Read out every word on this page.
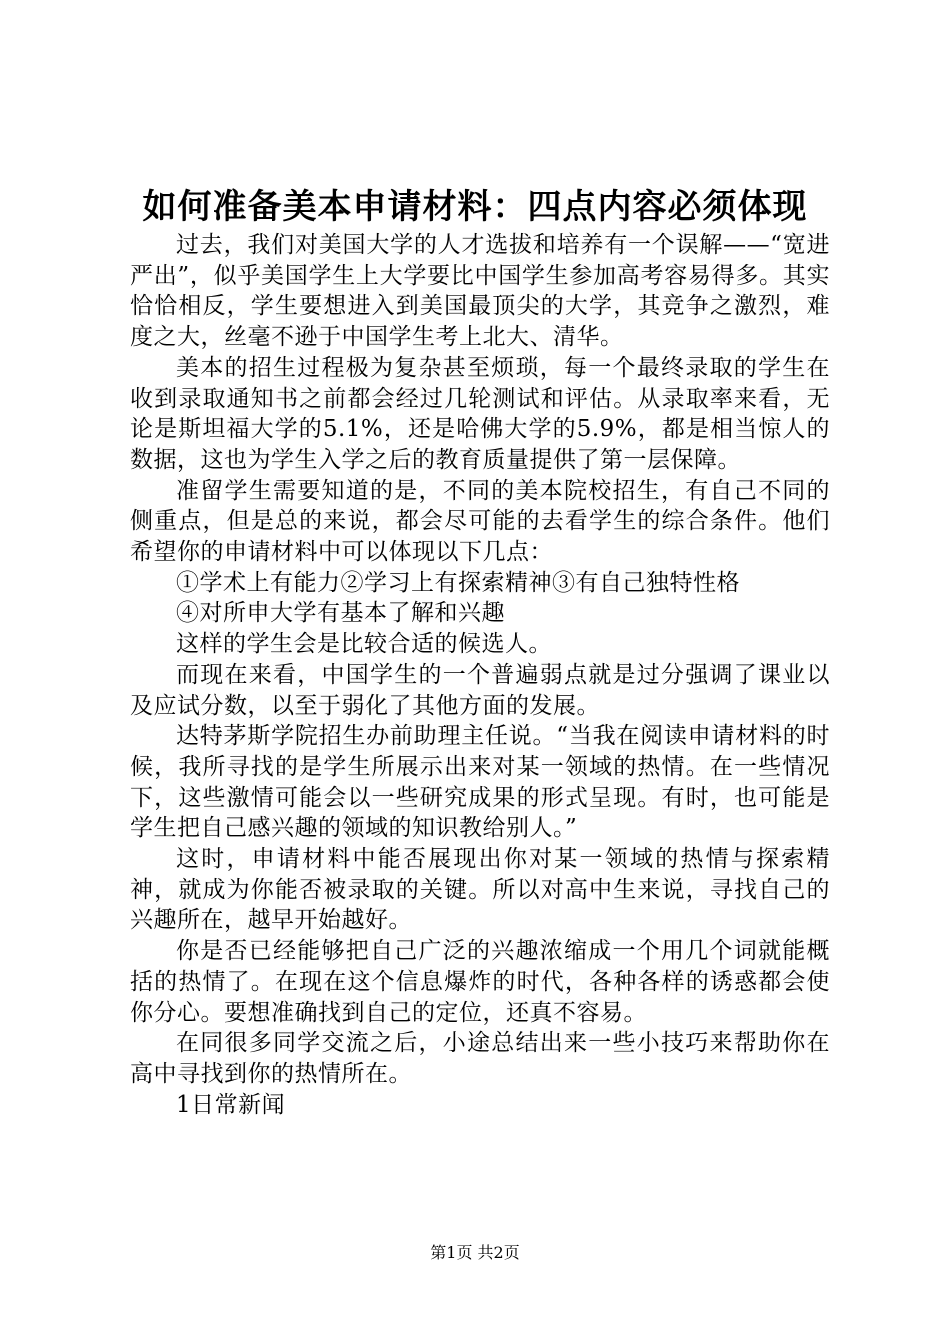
如何准备美本申请材料：四点内容必须体现

过去，我们对美国大学的人才选拔和培养有一个误解——“宽进严出”，似乎美国学生上大学要比中国学生参加高考容易得多。其实恰恰相反，学生要想进入到美国最顶尖的大学，其竞争之激烈，难度之大，丝毫不逊于中国学生考上北大、清华。

美本的招生过程极为复杂甚至烦琐，每一个最终录取的学生在收到录取通知书之前都会经过几轮测试和评估。从录取率来看，无论是斯坦福大学的5.1%，还是哈佛大学的5.9%，都是相当惊人的数据，这也为学生入学之后的教育质量提供了第一层保障。

准留学生需要知道的是，不同的美本院校招生，有自己不同的侧重点，但是总的来说，都会尽可能的去看学生的综合条件。他们希望你的申请材料中可以体现以下几点：

①学术上有能力②学习上有探索精神③有自己独特性格

④对所申大学有基本了解和兴趣

这样的学生会是比较合适的候选人。

而现在来看，中国学生的一个普遍弱点就是过分强调了课业以及应试分数，以至于弱化了其他方面的发展。

达特茅斯学院招生办前助理主任说。“当我在阅读申请材料的时候，我所寻找的是学生所展示出来对某一领域的热情。在一些情况下，这些激情可能会以一些研究成果的形式呈现。有时，也可能是学生把自己感兴趣的领域的知识教给别人。”

这时，申请材料中能否展现出你对某一领域的热情与探索精神，就成为你能否被录取的关键。所以对高中生来说，寻找自己的兴趣所在，越早开始越好。

你是否已经能够把自己广泛的兴趣浓缩成一个用几个词就能概括的热情了。在现在这个信息爆炸的时代，各种各样的诱惑都会使你分心。要想准确找到自己的定位，还真不容易。

在同很多同学交流之后，小途总结出来一些小技巧来帮助你在高中寻找到你的热情所在。

1日常新闻

第1页 共2页
